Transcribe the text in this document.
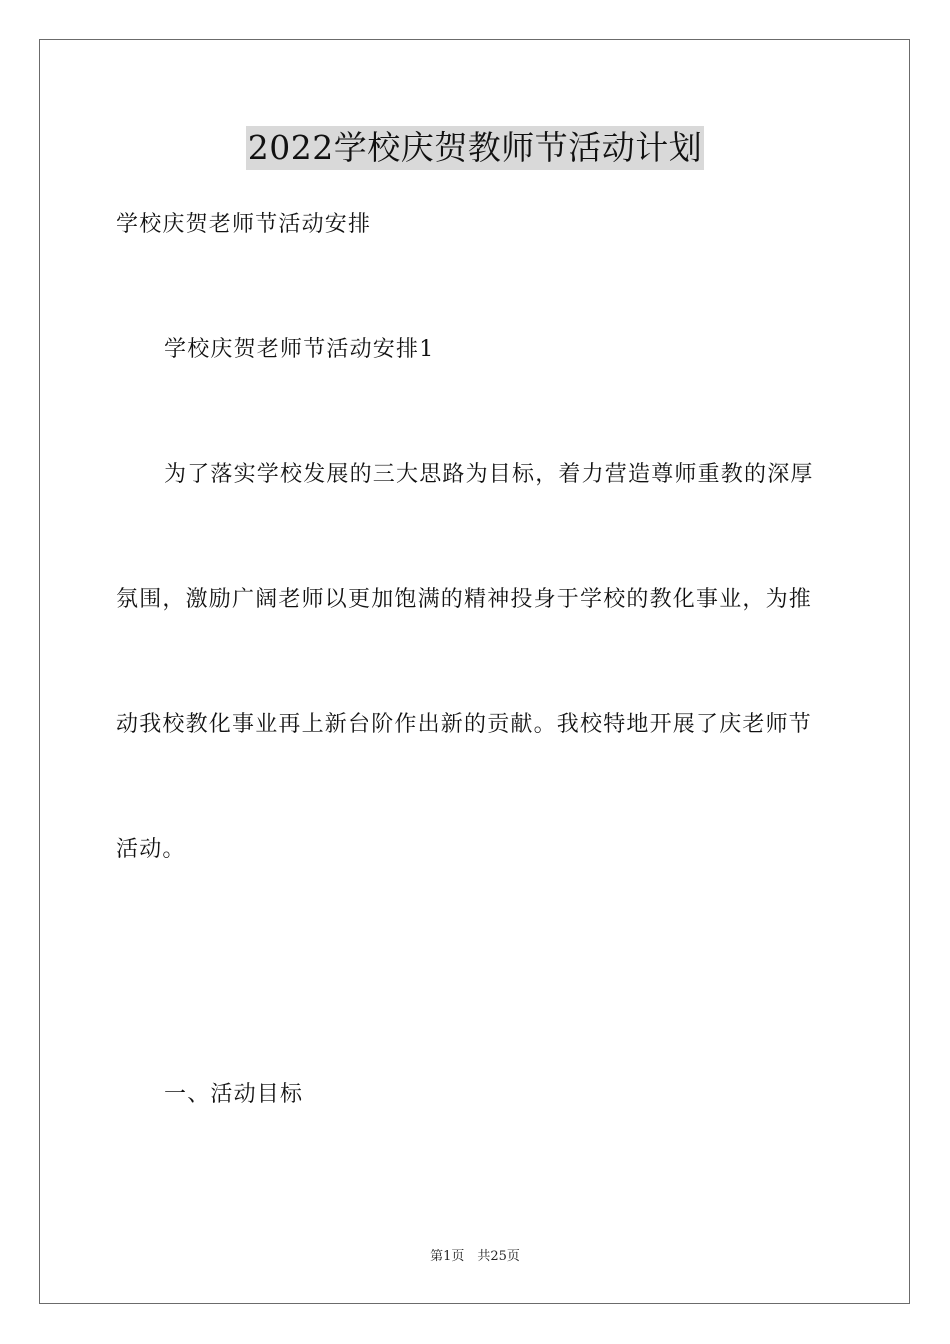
2022学校庆贺教师节活动计划
学校庆贺老师节活动安排
学校庆贺老师节活动安排1
为了落实学校发展的三大思路为目标，着力营造尊师重教的深厚
氛围，激励广阔老师以更加饱满的精神投身于学校的教化事业，为推
动我校教化事业再上新台阶作出新的贡献。我校特地开展了庆老师节
活动。
一、活动目标
第1页　共25页
